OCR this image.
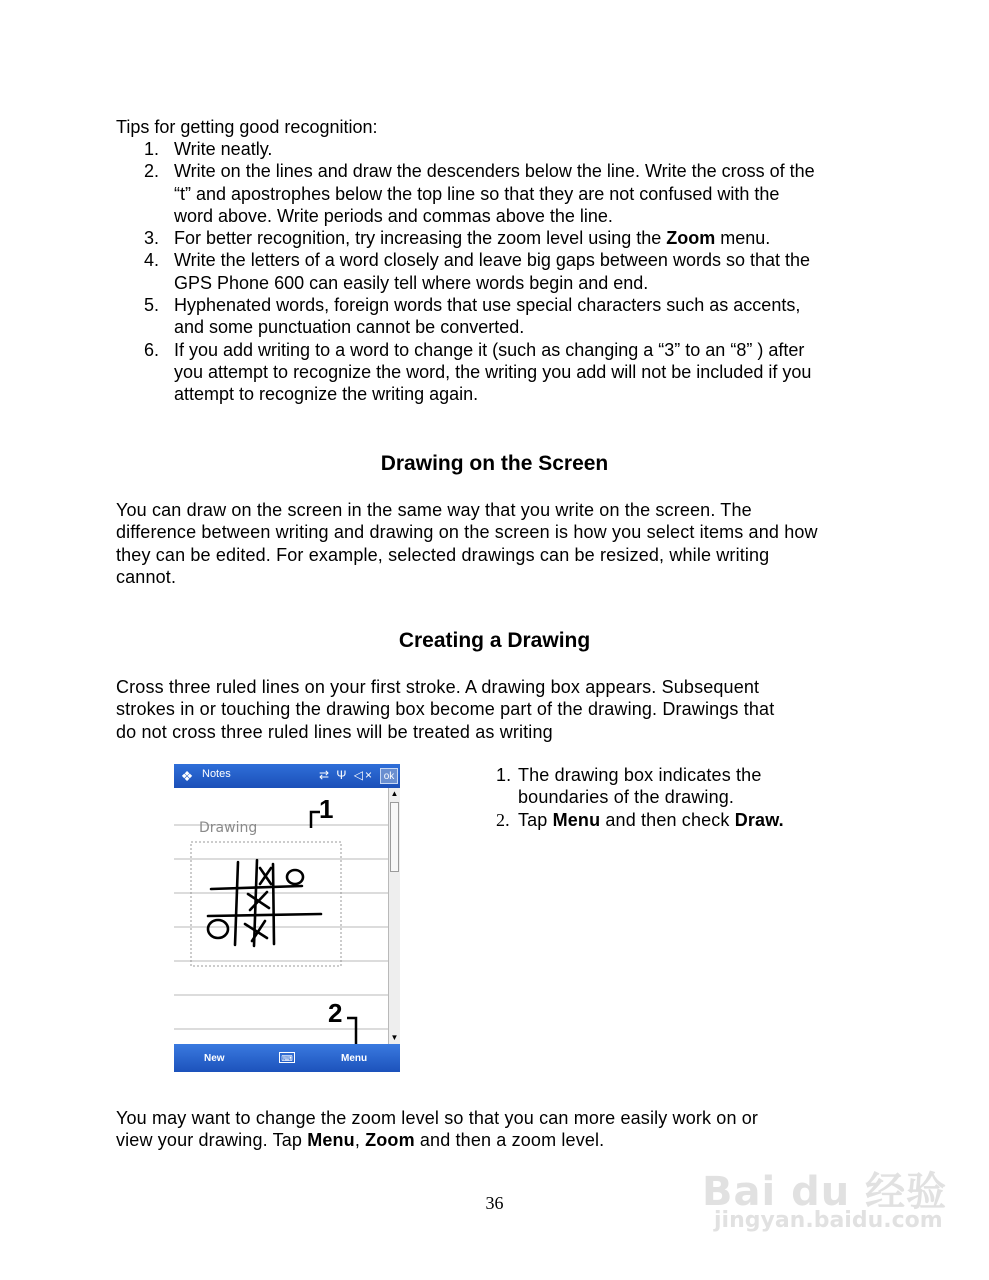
Tips for getting good recognition:
1. Write neatly.
2. Write on the lines and draw the descenders below the line. Write the cross of the
“t” and apostrophes below the top line so that they are not confused with the
word above. Write periods and commas above the line.
3. For better recognition, try increasing the zoom level using the Zoom menu.
4. Write the letters of a word closely and leave big gaps between words so that the
GPS Phone 600 can easily tell where words begin and end.
5. Hyphenated words, foreign words that use special characters such as accents,
and some punctuation cannot be converted.
6. If you add writing to a word to change it (such as changing a “3” to an “8” ) after
you attempt to recognize the word, the writing you add will not be included if you
attempt to recognize the writing again.
Drawing on the Screen
You can draw on the screen in the same way that you write on the screen. The
difference between writing and drawing on the screen is how you select items and how
they can be edited. For example, selected drawings can be resized, while writing
cannot.
Creating a Drawing
Cross three ruled lines on your first stroke. A drawing box appears. Subsequent
strokes in or touching the drawing box become part of the drawing. Drawings that
do not cross three ruled lines will be treated as writing
❖ Notes	⇄ Ψ ◁× ok
Drawing
1
2
▲
▼
New	⌨	Menu
1. The drawing box indicates the
boundaries of the drawing.
2. Tap Menu and then check Draw.
You may want to change the zoom level so that you can more easily work on or
view your drawing. Tap Menu, Zoom and then a zoom level.
36	Bai du 经验
jingyan.baidu.com
